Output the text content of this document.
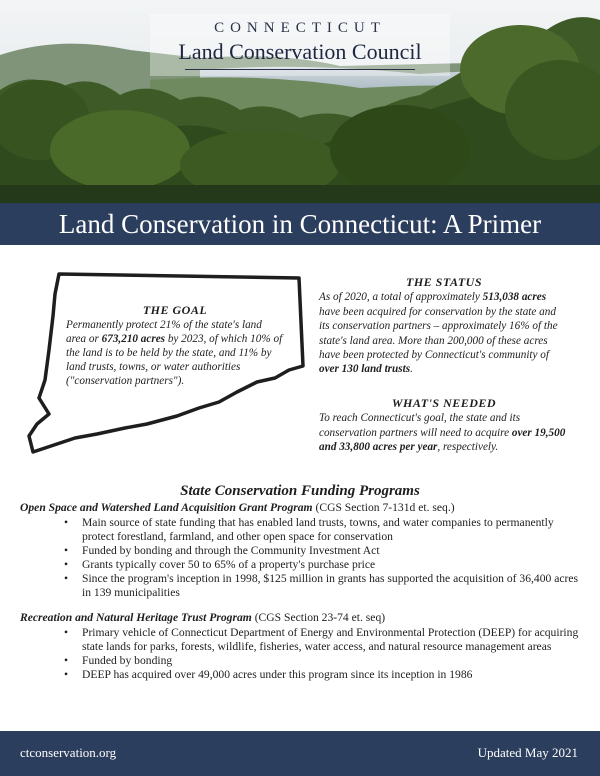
CONNECTICUT
Land Conservation Council
Land Conservation in Connecticut: A Primer
THE GOAL
Permanently protect 21% of the state's land area or 673,210 acres by 2023, of which 10% of the land is to be held by the state, and 11% by land trusts, towns, or water authorities ("conservation partners").
THE STATUS
As of 2020, a total of approximately 513,038 acres have been acquired for conservation by the state and its conservation partners – approximately 16% of the state's land area. More than 200,000 of these acres have been protected by Connecticut's community of over 130 land trusts.
WHAT'S NEEDED
To reach Connecticut's goal, the state and its conservation partners will need to acquire over 19,500 and 33,800 acres per year, respectively.
State Conservation Funding Programs
Open Space and Watershed Land Acquisition Grant Program (CGS Section 7-131d et. seq.)
• Main source of state funding that has enabled land trusts, towns, and water companies to permanently protect forestland, farmland, and other open space for conservation
• Funded by bonding and through the Community Investment Act
• Grants typically cover 50 to 65% of a property's purchase price
• Since the program's inception in 1998, $125 million in grants has supported the acquisition of 36,400 acres in 139 municipalities
Recreation and Natural Heritage Trust Program (CGS Section 23-74 et. seq)
• Primary vehicle of Connecticut Department of Energy and Environmental Protection (DEEP) for acquiring state lands for parks, forests, wildlife, fisheries, water access, and natural resource management areas
• Funded by bonding
• DEEP has acquired over 49,000 acres under this program since its inception in 1986
ctconservation.org	Updated May 2021
